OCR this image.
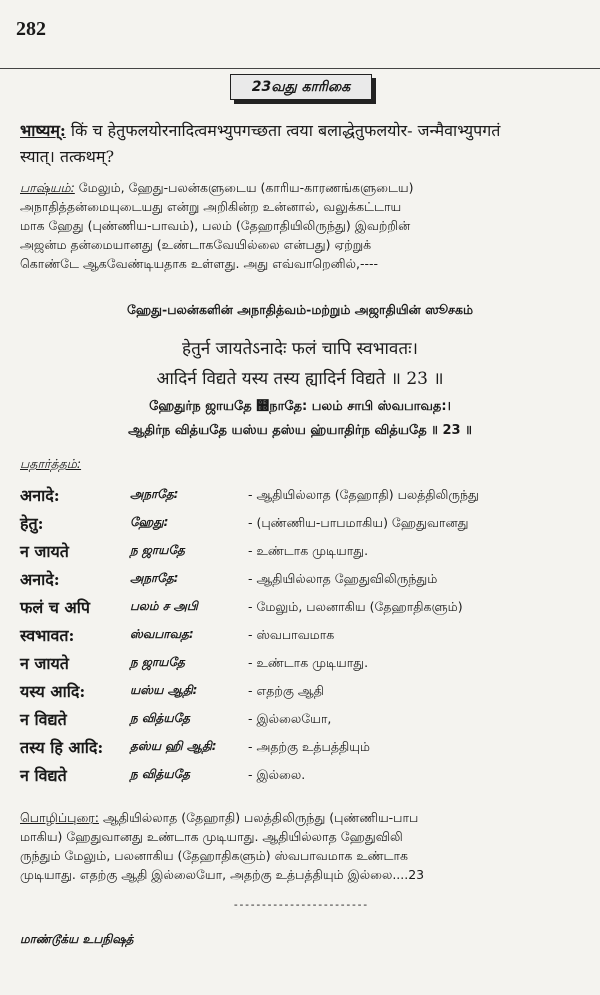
282
23வது காரிகை
भाष्यम्: किं च हेतुफलयोरनादित्वमभ्युपगच्छता त्वया बलाद्धेतुफलयोर- जन्मैवाभ्युपगतं
स्यात्। तत्कथम्?
பாஷ்யம்: மேலும், ஹேது-பலன்களுடைய (காரிய-காரணங்களுடைய)
அநாதித்தன்மையுடையது என்று அறிகின்ற உன்னால், வலுக்கட்டாய
மாக ஹேது (புண்ணிய-பாவம்), பலம் (தேஹாதியிலிருந்து) இவற்றின்
அஜன்ம தன்மையானது (உண்டாகவேயில்லை என்பது) ஏற்றுக்
கொண்டே ஆகவேண்டியதாக உள்ளது. அது எவ்வாறெனில்,----
ஹேது-பலன்களின் அநாதித்வம்-மற்றும் அஜாதியின் ஸூசகம்
हेतुर्न जायतेऽनादेः फलं चापि स्वभावतः।
आदिर्न विद्यते यस्य तस्य ह्यादिर्न विद्यते ॥ 23 ॥
ஹேதுர்ந ஜாயதே ஽நாதே: பலம் சாபி ஸ்வபாவத:।
ஆதிர்ந வித்யதே யஸ்ய தஸ்ய ஹ்யாதிர்ந வித்யதே ॥ 23 ॥
பதார்த்தம்:
अनादे:	அநாதே:	- ஆதியில்லாத (தேஹாதி) பலத்திலிருந்து
हेतु:	ஹேது:	- (புண்ணிய-பாபமாகிய) ஹேதுவானது
न जायते	ந ஜாயதே	- உண்டாக முடியாது.
अनादे:	அநாதே:	- ஆதியில்லாத ஹேதுவிலிருந்தும்
फलं च अपि	பலம் ச அபி	- மேலும், பலனாகிய (தேஹாதிகளும்)
स्वभावत:	ஸ்வபாவத:	- ஸ்வபாவமாக
न जायते	ந ஜாயதே	- உண்டாக முடியாது.
यस्य आदि:	யஸ்ய ஆதி:	- எதற்கு ஆதி
न विद्यते	ந வித்யதே	- இல்லையோ,
तस्य हि आदि: தஸ்ய ஹி ஆதி:	- அதற்கு உத்பத்தியும்
न विद्यते	ந வித்யதே	- இல்லை.
பொழிப்புரை: ஆதியில்லாத (தேஹாதி) பலத்திலிருந்து (புண்ணிய-பாப
மாகிய) ஹேதுவானது உண்டாக முடியாது. ஆதியில்லாத ஹேதுவிலி
ருந்தும் மேலும், பலனாகிய (தேஹாதிகளும்) ஸ்வபாவமாக உண்டாக
முடியாது. எதற்கு ஆதி இல்லையோ, அதற்கு உத்பத்தியும் இல்லை....23
------------------------
மாண்டூக்ய உபநிஷத்
